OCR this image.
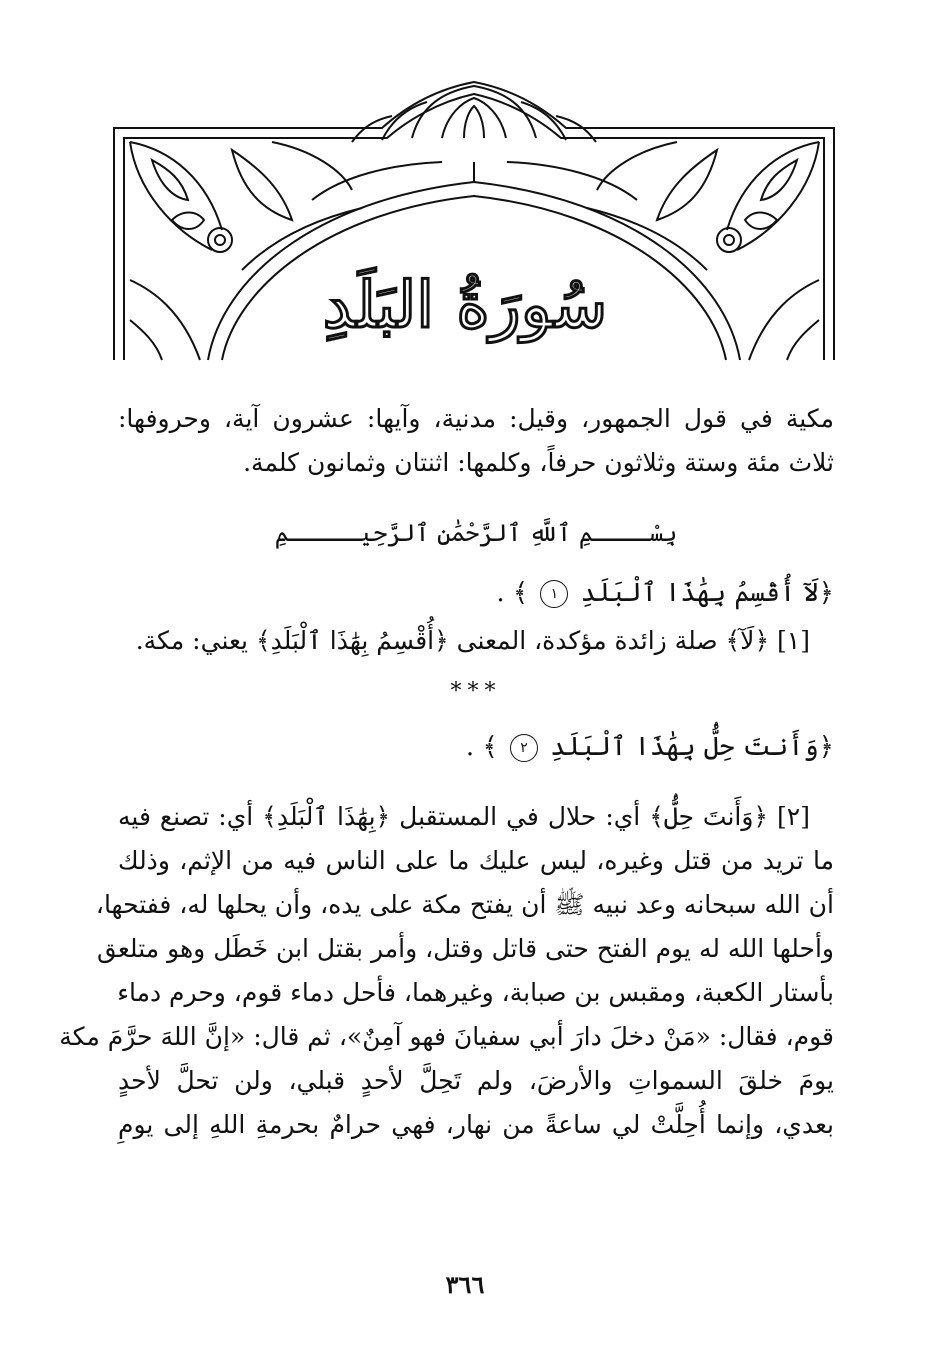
سُورَةُ البَلَدِ
مكية في قول الجمهور، وقيل: مدنية، وآيها: عشرون آية، وحروفها:
ثلاث مئة وستة وثلاثون حرفاً، وكلمها: اثنتان وثمانون كلمة.
بِسْــــمِ ٱللَّهِ ٱلرَّحْمَٰنِ ٱلرَّحِيـــــمِ
﴿لَآ أُقْسِمُ بِهَٰذَا ٱلْبَلَدِ ١ ﴾ .
[١] ﴿لَآ﴾ صلة زائدة مؤكدة، المعنى ﴿أُقْسِمُ بِهَٰذَا ٱلْبَلَدِ﴾ يعني: مكة.
***
﴿وَأَنتَ حِلُّۢ بِهَٰذَا ٱلْبَلَدِ ٢ ﴾ .
[٢] ﴿وَأَنتَ حِلُّۢ﴾ أي: حلال في المستقبل ﴿بِهَٰذَا ٱلْبَلَدِ﴾ أي: تصنع فيه
ما تريد من قتل وغيره، ليس عليك ما على الناس فيه من الإثم، وذلك
أن الله سبحانه وعد نبيه ﷺ أن يفتح مكة على يده، وأن يحلها له، ففتحها،
وأحلها الله له يوم الفتح حتى قاتل وقتل، وأمر بقتل ابن خَطَل وهو متلعق
بأستار الكعبة، ومقبس بن صبابة، وغيرهما، فأحل دماء قوم، وحرم دماء
قوم، فقال: «مَنْ دخلَ دارَ أبي سفيانَ فهو آمِنٌ»، ثم قال: «إنَّ اللهَ حرَّمَ مكة
يومَ خلقَ السمواتِ والأرضَ، ولم تَحِلَّ لأحدٍ قبلي، ولن تحلَّ لأحدٍ
بعدي، وإنما أُحِلَّتْ لي ساعةً من نهار، فهي حرامٌ بحرمةِ اللهِ إلى يومِ
٣٦٦
